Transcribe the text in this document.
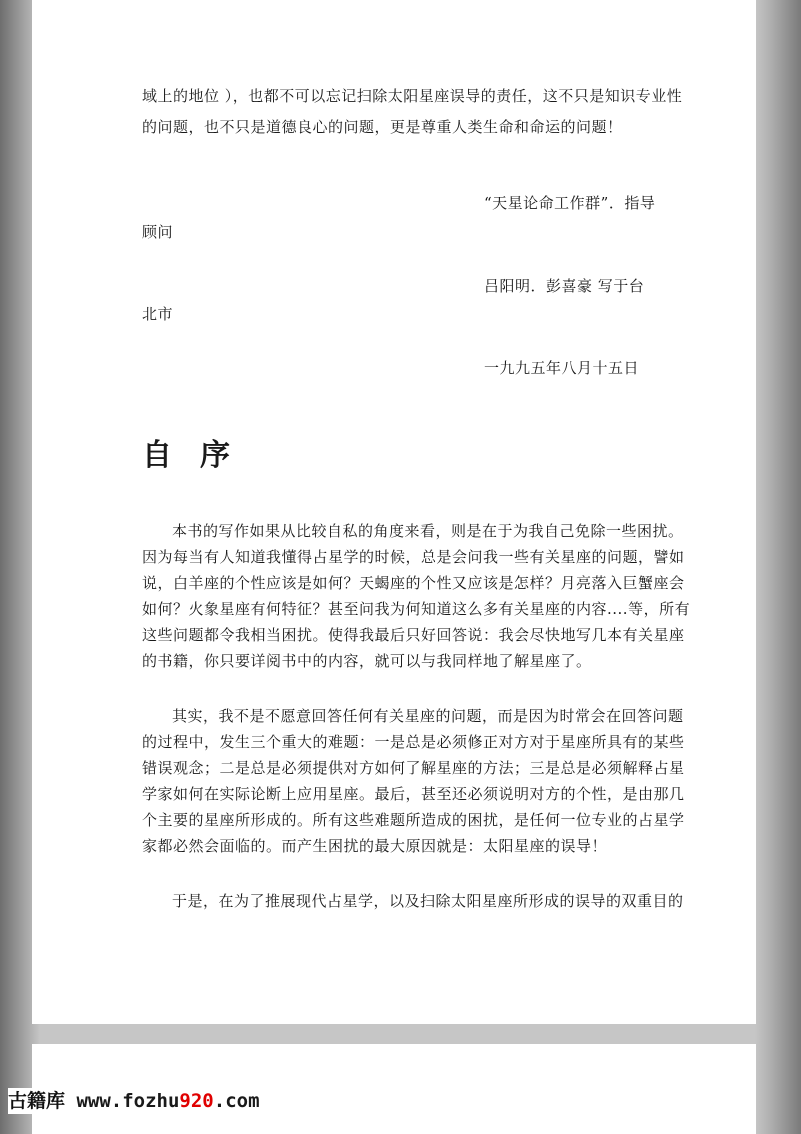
域上的地位 ），也都不可以忘记扫除太阳星座误导的责任，这不只是知识专业性
的问题，也不只是道德良心的问题，更是尊重人类生命和命运的问题！
“天星论命工作群”．指导
顾问
吕阳明．彭喜豪 写于台
北市
一九九五年八月十五日
自序
本书的写作如果从比较自私的角度来看，则是在于为我自己免除一些困扰。
因为每当有人知道我懂得占星学的时候，总是会问我一些有关星座的问题，譬如
说，白羊座的个性应该是如何？天蝎座的个性又应该是怎样？月亮落入巨蟹座会
如何？火象星座有何特征？甚至问我为何知道这么多有关星座的内容....等，所有
这些问题都令我相当困扰。使得我最后只好回答说：我会尽快地写几本有关星座
的书籍，你只要详阅书中的内容，就可以与我同样地了解星座了。
其实，我不是不愿意回答任何有关星座的问题，而是因为时常会在回答问题
的过程中，发生三个重大的难题：一是总是必须修正对方对于星座所具有的某些
错误观念；二是总是必须提供对方如何了解星座的方法；三是总是必须解释占星
学家如何在实际论断上应用星座。最后，甚至还必须说明对方的个性，是由那几
个主要的星座所形成的。所有这些难题所造成的困扰，是任何一位专业的占星学
家都必然会面临的。而产生困扰的最大原因就是：太阳星座的误导！
于是，在为了推展现代占星学，以及扫除太阳星座所形成的误导的双重目的
古籍库 www.fozhu920.com
